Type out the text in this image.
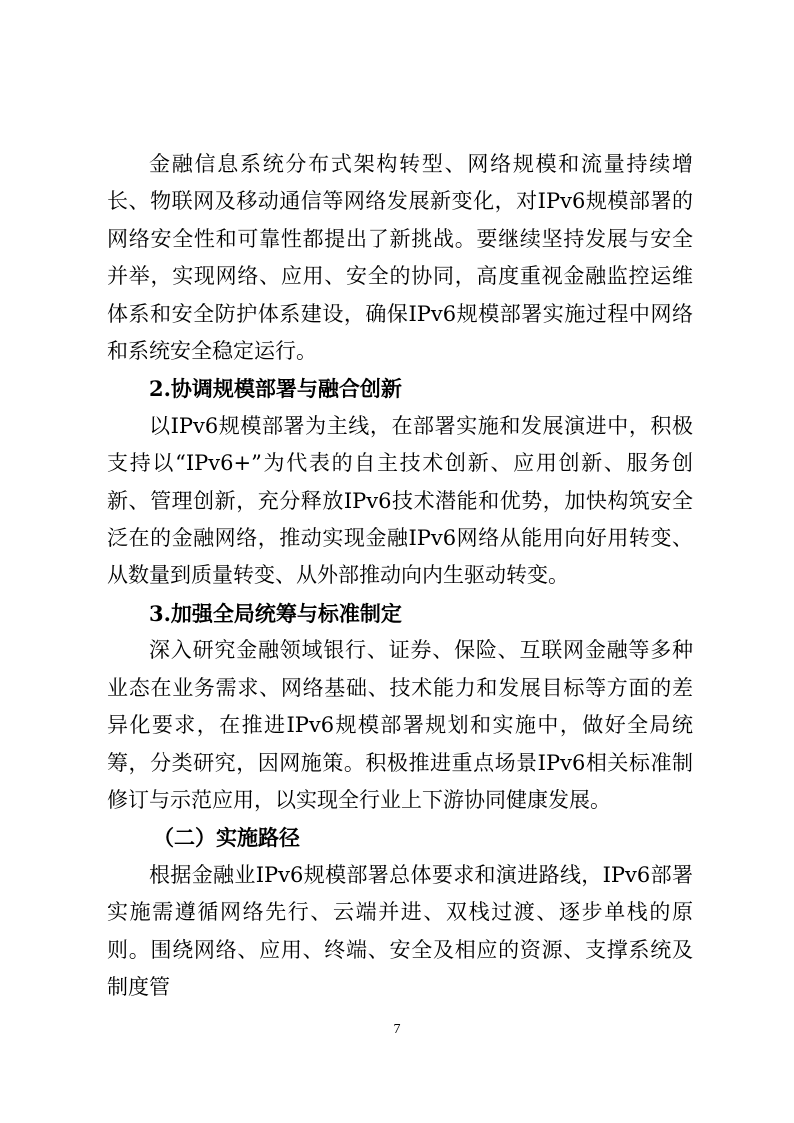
金融信息系统分布式架构转型、网络规模和流量持续增长、物联网及移动通信等网络发展新变化，对IPv6规模部署的网络安全性和可靠性都提出了新挑战。要继续坚持发展与安全并举，实现网络、应用、安全的协同，高度重视金融监控运维体系和安全防护体系建设，确保IPv6规模部署实施过程中网络和系统安全稳定运行。

2.协调规模部署与融合创新

以IPv6规模部署为主线，在部署实施和发展演进中，积极支持以“IPv6+”为代表的自主技术创新、应用创新、服务创新、管理创新，充分释放IPv6技术潜能和优势，加快构筑安全泛在的金融网络，推动实现金融IPv6网络从能用向好用转变、从数量到质量转变、从外部推动向内生驱动转变。

3.加强全局统筹与标准制定

深入研究金融领域银行、证券、保险、互联网金融等多种业态在业务需求、网络基础、技术能力和发展目标等方面的差异化要求，在推进IPv6规模部署规划和实施中，做好全局统筹，分类研究，因网施策。积极推进重点场景IPv6相关标准制修订与示范应用，以实现全行业上下游协同健康发展。

（二）实施路径

根据金融业IPv6规模部署总体要求和演进路线，IPv6部署实施需遵循网络先行、云端并进、双栈过渡、逐步单栈的原则。围绕网络、应用、终端、安全及相应的资源、支撑系统及制度管

7
